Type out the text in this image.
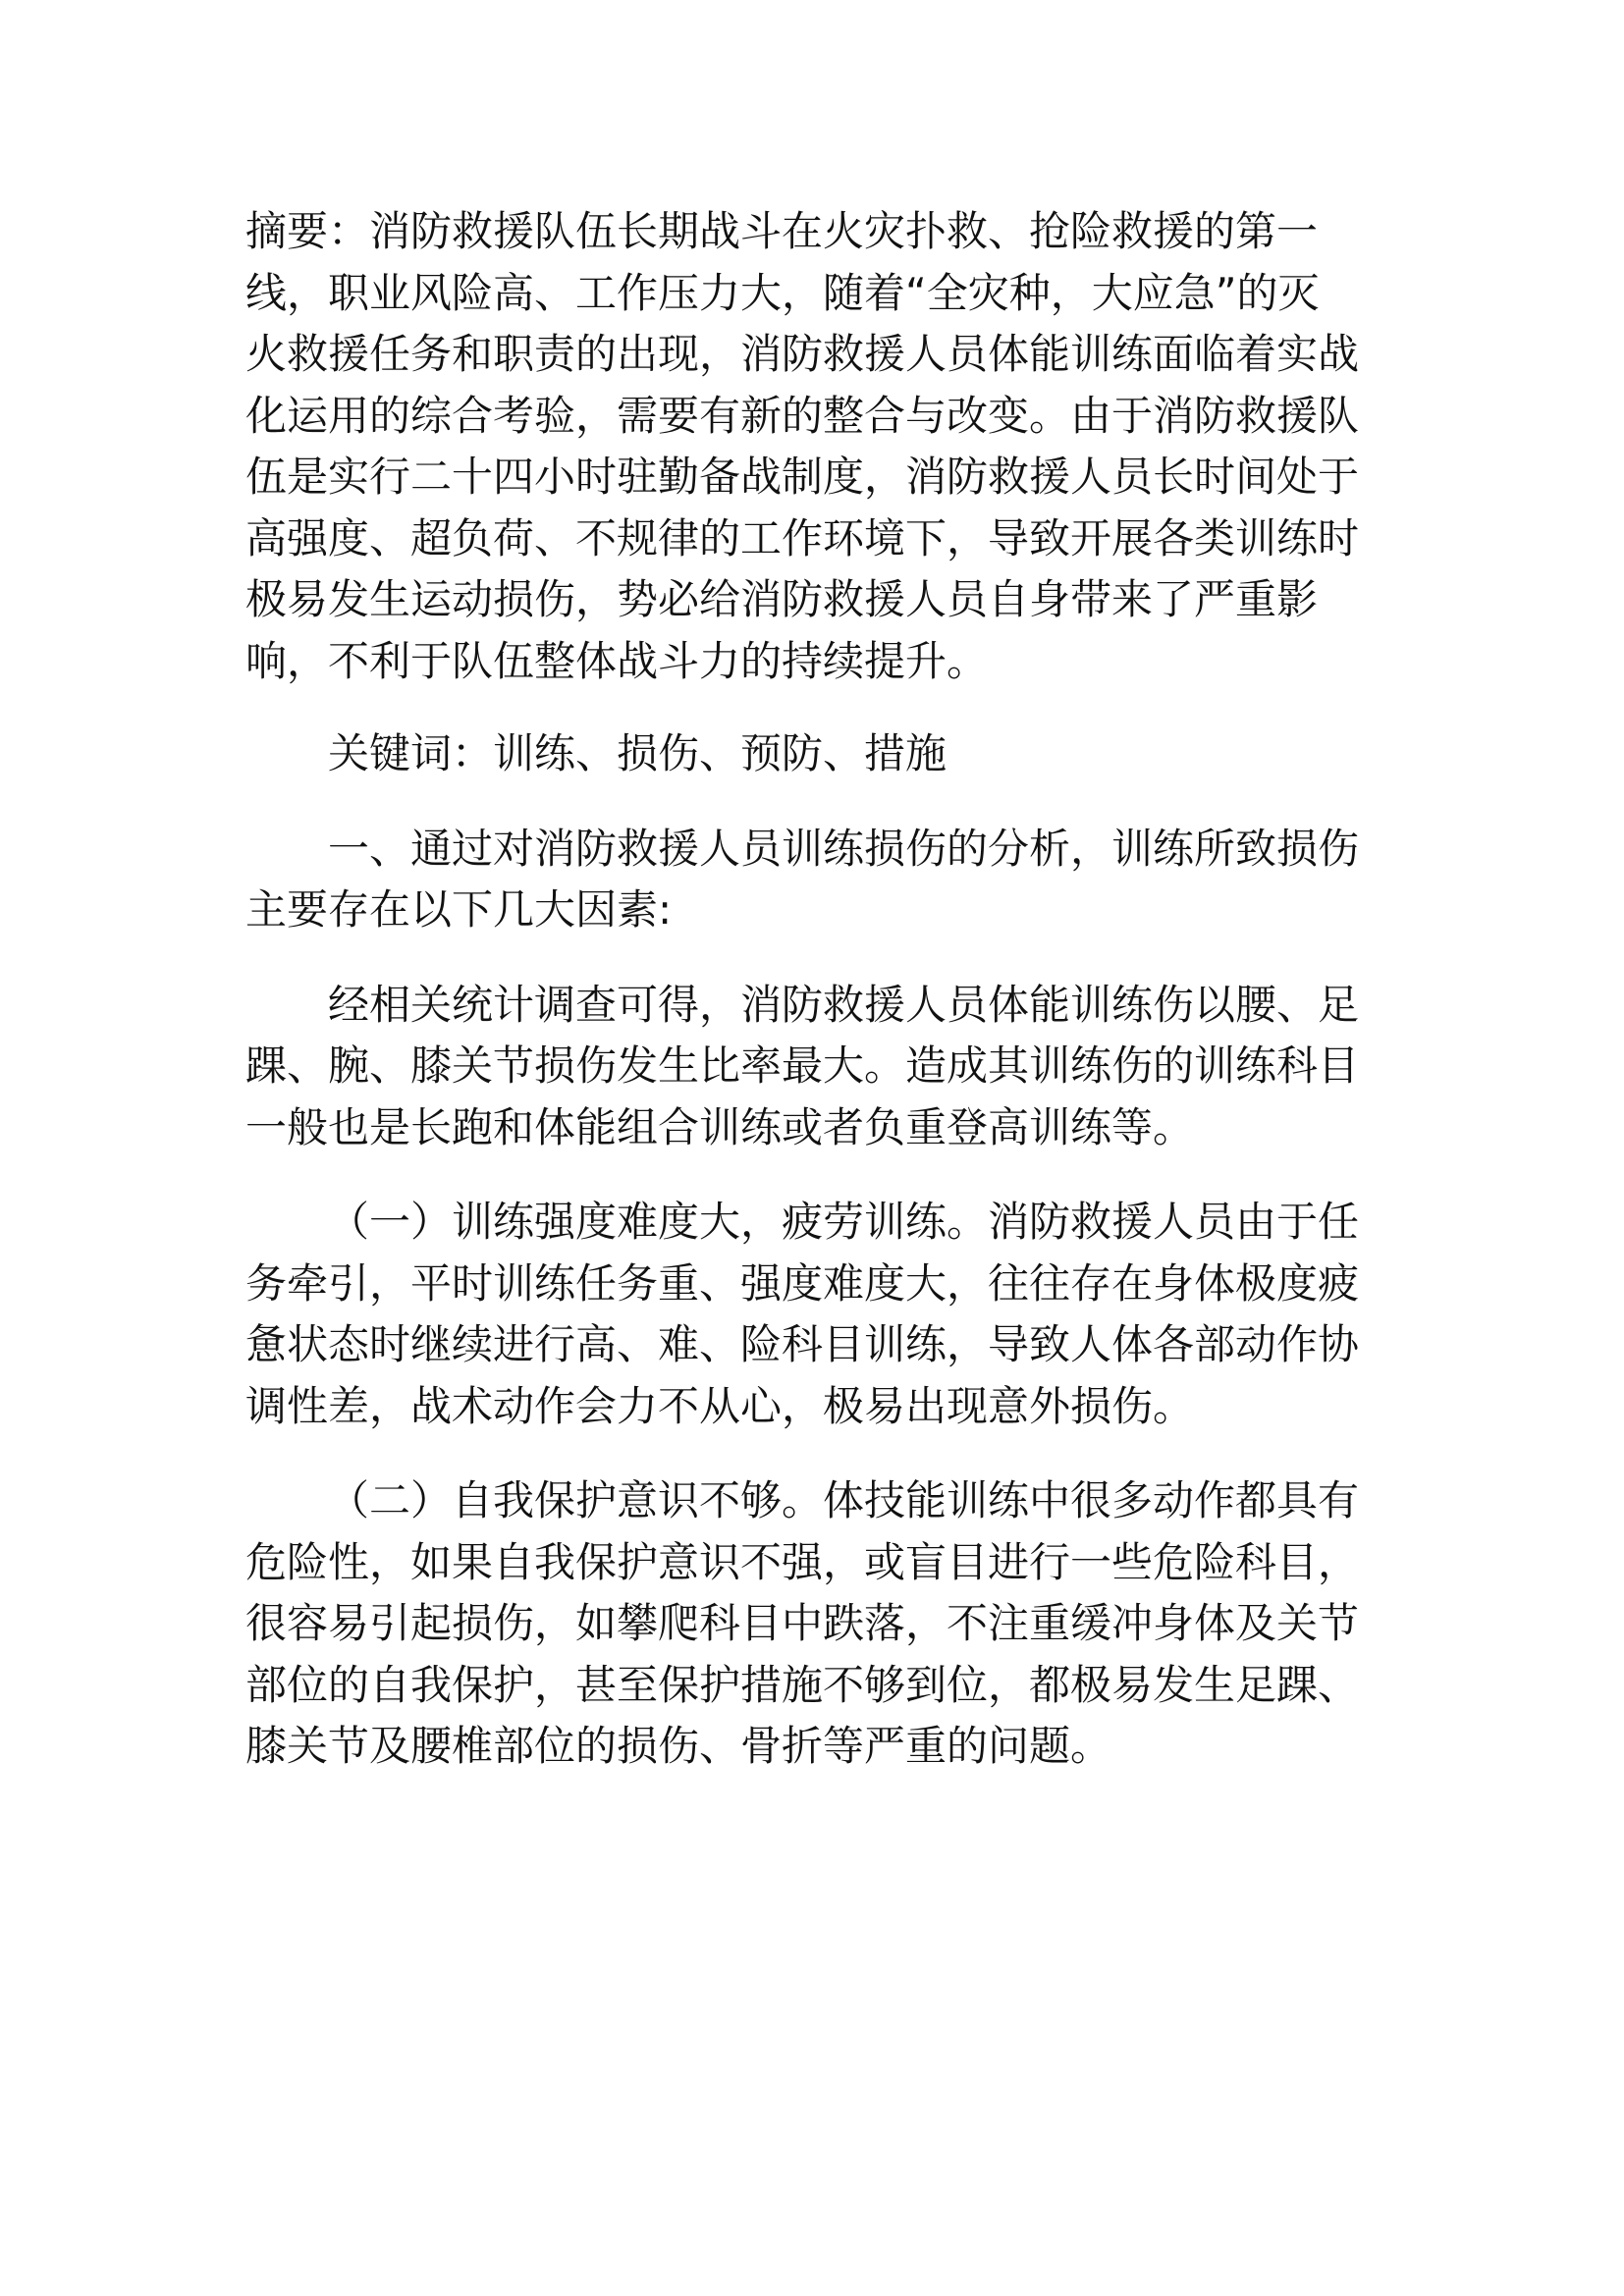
摘要：消防救援队伍长期战斗在火灾扑救、抢险救援的第一线，职业风险高、工作压力大，随着“全灾种，大应急”的灭火救援任务和职责的出现，消防救援人员体能训练面临着实战化运用的综合考验，需要有新的整合与改变。由于消防救援队伍是实行二十四小时驻勤备战制度，消防救援人员长时间处于高强度、超负荷、不规律的工作环境下，导致开展各类训练时极易发生运动损伤，势必给消防救援人员自身带来了严重影响，不利于队伍整体战斗力的持续提升。

关键词：训练、损伤、预防、措施

一、通过对消防救援人员训练损伤的分析，训练所致损伤主要存在以下几大因素:

经相关统计调查可得，消防救援人员体能训练伤以腰、足踝、腕、膝关节损伤发生比率最大。造成其训练伤的训练科目一般也是长跑和体能组合训练或者负重登高训练等。

（一）训练强度难度大，疲劳训练。消防救援人员由于任务牵引，平时训练任务重、强度难度大，往往存在身体极度疲惫状态时继续进行高、难、险科目训练，导致人体各部动作协调性差，战术动作会力不从心，极易出现意外损伤。

（二）自我保护意识不够。体技能训练中很多动作都具有危险性，如果自我保护意识不强，或盲目进行一些危险科目，很容易引起损伤，如攀爬科目中跌落，不注重缓冲身体及关节部位的自我保护，甚至保护措施不够到位，都极易发生足踝、膝关节及腰椎部位的损伤、骨折等严重的问题。
